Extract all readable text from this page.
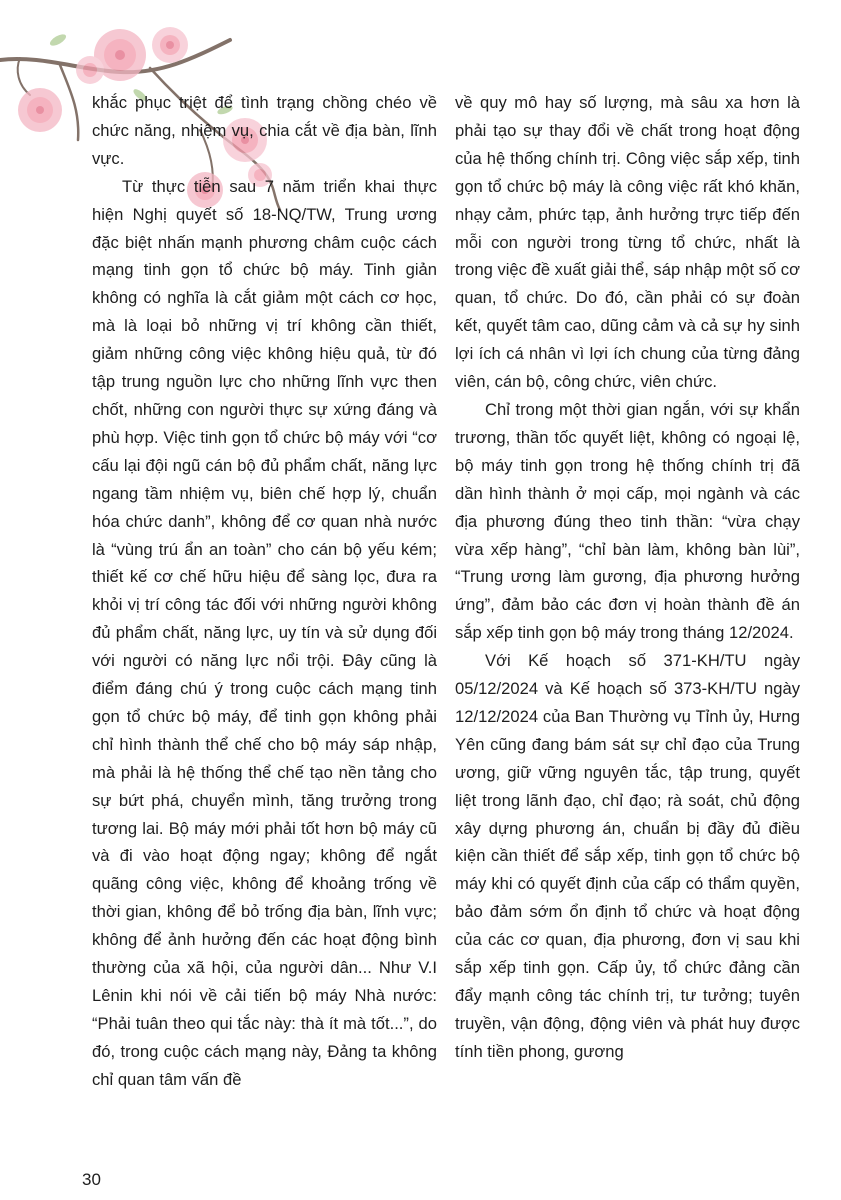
khắc phục triệt để tình trạng chồng chéo về chức năng, nhiệm vụ, chia cắt về địa bàn, lĩnh vực.

Từ thực tiễn sau 7 năm triển khai thực hiện Nghị quyết số 18-NQ/TW, Trung ương đặc biệt nhấn mạnh phương châm cuộc cách mạng tinh gọn tổ chức bộ máy. Tinh giản không có nghĩa là cắt giảm một cách cơ học, mà là loại bỏ những vị trí không cần thiết, giảm những công việc không hiệu quả, từ đó tập trung nguồn lực cho những lĩnh vực then chốt, những con người thực sự xứng đáng và phù hợp. Việc tinh gọn tổ chức bộ máy với “cơ cấu lại đội ngũ cán bộ đủ phẩm chất, năng lực ngang tầm nhiệm vụ, biên chế hợp lý, chuẩn hóa chức danh”, không để cơ quan nhà nước là “vùng trú ẩn an toàn” cho cán bộ yếu kém; thiết kế cơ chế hữu hiệu để sàng lọc, đưa ra khỏi vị trí công tác đối với những người không đủ phẩm chất, năng lực, uy tín và sử dụng đối với người có năng lực nổi trội. Đây cũng là điểm đáng chú ý trong cuộc cách mạng tinh gọn tổ chức bộ máy, để tinh gọn không phải chỉ hình thành thể chế cho bộ máy sáp nhập, mà phải là hệ thống thể chế tạo nền tảng cho sự bứt phá, chuyển mình, tăng trưởng trong tương lai. Bộ máy mới phải tốt hơn bộ máy cũ và đi vào hoạt động ngay; không để ngắt quãng công việc, không để khoảng trống về thời gian, không để bỏ trống địa bàn, lĩnh vực; không để ảnh hưởng đến các hoạt động bình thường của xã hội, của người dân... Như V.I Lênin khi nói về cải tiến bộ máy Nhà nước: “Phải tuân theo qui tắc này: thà ít mà tốt...”, do đó, trong cuộc cách mạng này, Đảng ta không chỉ quan tâm vấn đề

về quy mô hay số lượng, mà sâu xa hơn là phải tạo sự thay đổi về chất trong hoạt động của hệ thống chính trị. Công việc sắp xếp, tinh gọn tổ chức bộ máy là công việc rất khó khăn, nhạy cảm, phức tạp, ảnh hưởng trực tiếp đến mỗi con người trong từng tổ chức, nhất là trong việc đề xuất giải thể, sáp nhập một số cơ quan, tổ chức. Do đó, cần phải có sự đoàn kết, quyết tâm cao, dũng cảm và cả sự hy sinh lợi ích cá nhân vì lợi ích chung của từng đảng viên, cán bộ, công chức, viên chức.

Chỉ trong một thời gian ngắn, với sự khẩn trương, thần tốc quyết liệt, không có ngoại lệ, bộ máy tinh gọn trong hệ thống chính trị đã dần hình thành ở mọi cấp, mọi ngành và các địa phương đúng theo tinh thần: “vừa chạy vừa xếp hàng”, “chỉ bàn làm, không bàn lùi”, “Trung ương làm gương, địa phương hưởng ứng”, đảm bảo các đơn vị hoàn thành đề án sắp xếp tinh gọn bộ máy trong tháng 12/2024.

Với Kế hoạch số 371-KH/TU ngày 05/12/2024 và Kế hoạch số 373-KH/TU ngày 12/12/2024 của Ban Thường vụ Tỉnh ủy, Hưng Yên cũng đang bám sát sự chỉ đạo của Trung ương, giữ vững nguyên tắc, tập trung, quyết liệt trong lãnh đạo, chỉ đạo; rà soát, chủ động xây dựng phương án, chuẩn bị đầy đủ điều kiện cần thiết để sắp xếp, tinh gọn tổ chức bộ máy khi có quyết định của cấp có thẩm quyền, bảo đảm sớm ổn định tổ chức và hoạt động của các cơ quan, địa phương, đơn vị sau khi sắp xếp tinh gọn. Cấp ủy, tổ chức đảng cần đẩy mạnh công tác chính trị, tư tưởng; tuyên truyền, vận động, động viên và phát huy được tính tiền phong, gương

30
